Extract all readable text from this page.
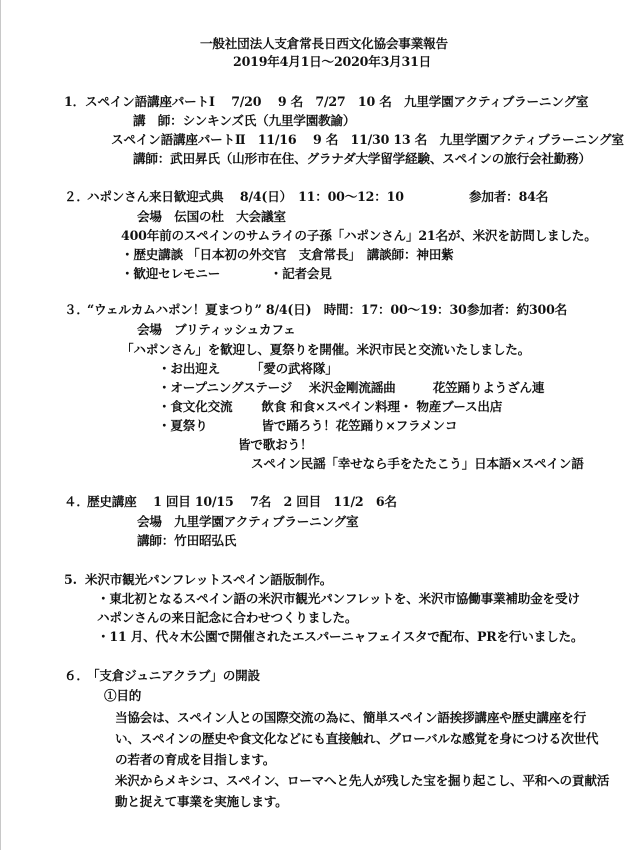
一般社団法人支倉常長日西文化協会事業報告
2019年4月1日～2020年3月31日
1． スペイン語講座パートⅠ　 7/20　 9 名　7/27　10 名　九里学園アクティブラーニング室
講　師：シンキンズ氏（九里学園教諭）
スペイン語講座パートⅡ　11/16　 9 名　11/30 13 名　九里学園アクティブラーニング室
講師：武田昇氏（山形市在住、グラナダ大学留学経験、スペインの旅行会社勤務）
２．
ハポンさん来日歓迎式典　 8/4(日）　11：00～12：10	参加者：84名
会場　伝国の杜　大会議室
400年前のスペインのサムライの子孫「ハポンさん」21名が、米沢を訪問しました。
・歴史講談 「日本初の外交官　支倉常長」　講談師：神田紫
・歓迎セレモニー　　　　・記者会見
３．
“ウェルカムハポン！夏まつり” 8/4(日)　時間：17：00～19：30 参加者：約300名
会場　ブリティッシュカフェ
「ハポンさん」を歓迎し、夏祭りを開催。米沢市民と交流いたしました。
・お出迎え　　　「愛の武将隊」
・オープニングステージ　 米沢金剛流謡曲　　　花笠踊りようざん連
・食文化交流　　 飲食 和食×スペイン料理・ 物産ブース出店
・夏祭り　　　　 皆で踊ろう！花笠踊り×フラメンコ
皆で歌おう！
スペイン民謡「幸せなら手をたたこう」日本語×スペイン語
４．
歴史講座　 1 回目 10/15　 7名　2 回目　11/2　6名
会場　九里学園アクティブラーニング室
講師：竹田昭弘氏
5. 米沢市観光パンフレットスペイン語版制作。
・東北初となるスペイン語の米沢市観光パンフレットを、米沢市協働事業補助金を受け
ハポンさんの来日記念に合わせつくりました。
・11 月、代々木公園で開催されたエスパーニャフェイスタで配布、PRを行いました。
６．
「支倉ジュニアクラブ」の開設
①目的
当協会は、スペイン人との国際交流の為に、簡単スペイン語挨拶講座や歴史講座を行
い、スペインの歴史や食文化などにも直接触れ、グローバルな感覚を身につける次世代
の若者の育成を目指します。
米沢からメキシコ、スペイン、ローマへと先人が残した宝を掘り起こし、平和への貢献活
動と捉えて事業を実施します。
